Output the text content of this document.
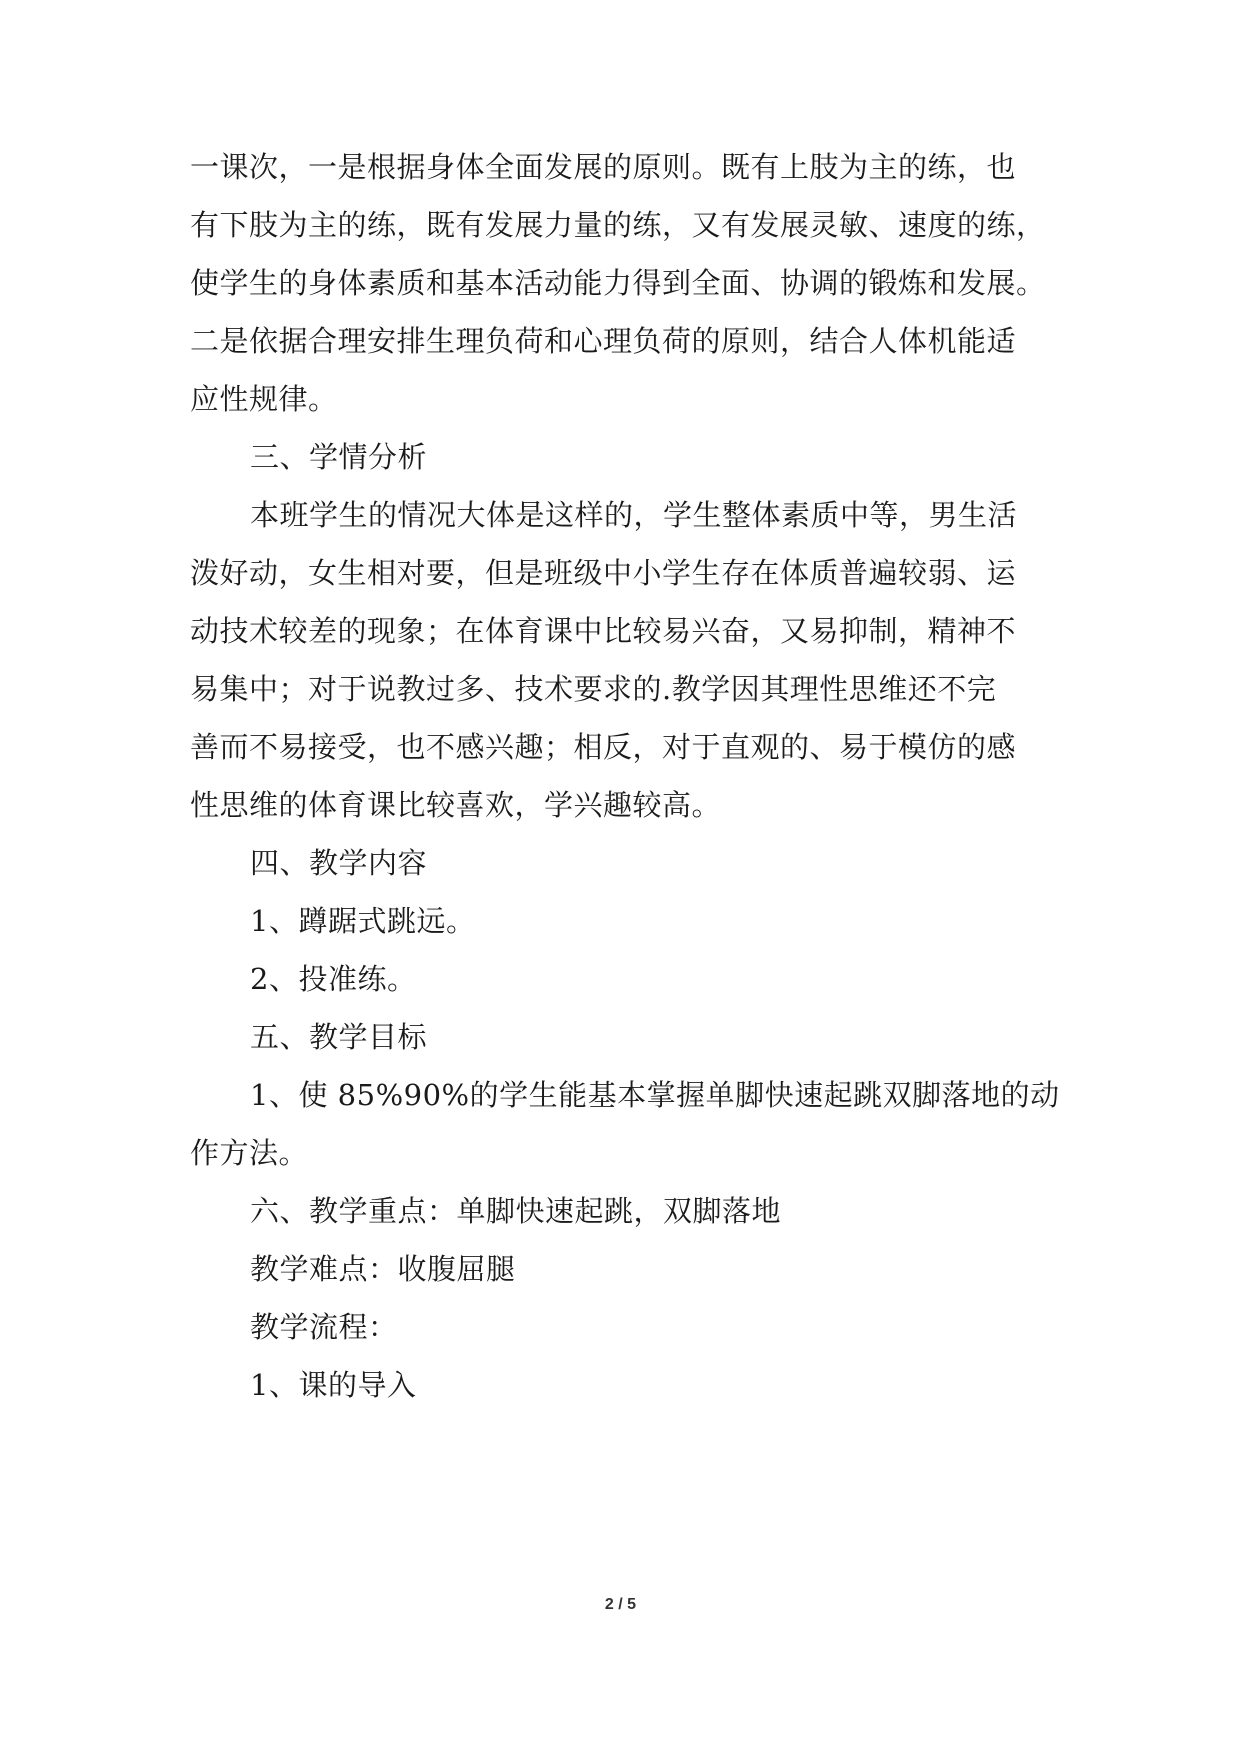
一课次，一是根据身体全面发展的原则。既有上肢为主的练，也
有下肢为主的练，既有发展力量的练，又有发展灵敏、速度的练，
使学生的身体素质和基本活动能力得到全面、协调的锻炼和发展。
二是依据合理安排生理负荷和心理负荷的原则，结合人体机能适
应性规律。
三、学情分析
本班学生的情况大体是这样的，学生整体素质中等，男生活
泼好动，女生相对要，但是班级中小学生存在体质普遍较弱、运
动技术较差的现象；在体育课中比较易兴奋，又易抑制，精神不
易集中；对于说教过多、技术要求的.教学因其理性思维还不完
善而不易接受，也不感兴趣；相反，对于直观的、易于模仿的感
性思维的体育课比较喜欢，学兴趣较高。
四、教学内容
1、蹲踞式跳远。
2、投准练。
五、教学目标
1、使 85%90%的学生能基本掌握单脚快速起跳双脚落地的动
作方法。
六、教学重点：单脚快速起跳，双脚落地
教学难点：收腹屈腿
教学流程：
1、课的导入
2 / 5
